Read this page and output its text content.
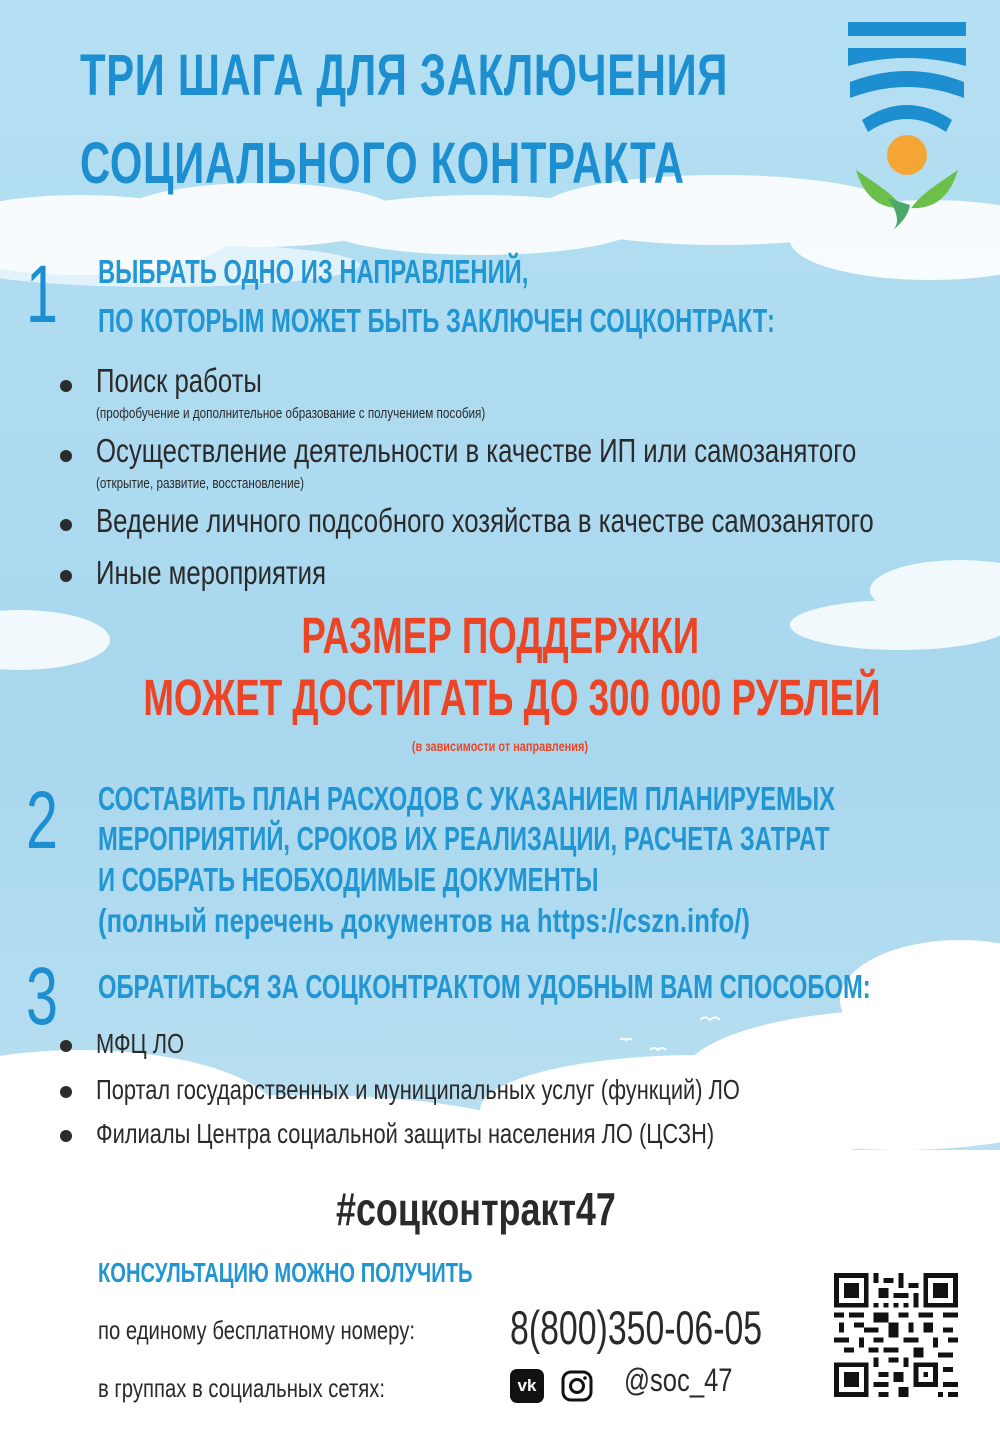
ТРИ ШАГА ДЛЯ ЗАКЛЮЧЕНИЯ
СОЦИАЛЬНОГО КОНТРАКТА
1	ВЫБРАТЬ ОДНО ИЗ НАПРАВЛЕНИЙ,
ПО КОТОРЫМ МОЖЕТ БЫТЬ ЗАКЛЮЧЕН СОЦКОНТРАКТ:
Поиск работы
(профобучение и дополнительное образование с получением пособия)
Осуществление деятельности в качестве ИП или самозанятого
(открытие, развитие, восстановление)
Ведение личного подсобного хозяйства в качестве самозанятого
Иные мероприятия
РАЗМЕР ПОДДЕРЖКИ
МОЖЕТ ДОСТИГАТЬ ДО 300 000 РУБЛЕЙ
(в зависимости от направления)
2	СОСТАВИТЬ ПЛАН РАСХОДОВ С УКАЗАНИЕМ ПЛАНИРУЕМЫХ
МЕРОПРИЯТИЙ, СРОКОВ ИХ РЕАЛИЗАЦИИ, РАСЧЕТА ЗАТРАТ
И СОБРАТЬ НЕОБХОДИМЫЕ ДОКУМЕНТЫ
(полный перечень документов на https://cszn.info/)
3	ОБРАТИТЬСЯ ЗА СОЦКОНТРАКТОМ УДОБНЫМ ВАМ СПОСОБОМ:
МФЦ ЛО
Портал государственных и муниципальных услуг (функций) ЛО
Филиалы Центра социальной защиты населения ЛО (ЦСЗН)
#соцконтракт47
КОНСУЛЬТАЦИЮ МОЖНО ПОЛУЧИТЬ
по единому бесплатному номеру:	8(800)350-06-05
в группах в социальных сетях:	vk	@soc_47
